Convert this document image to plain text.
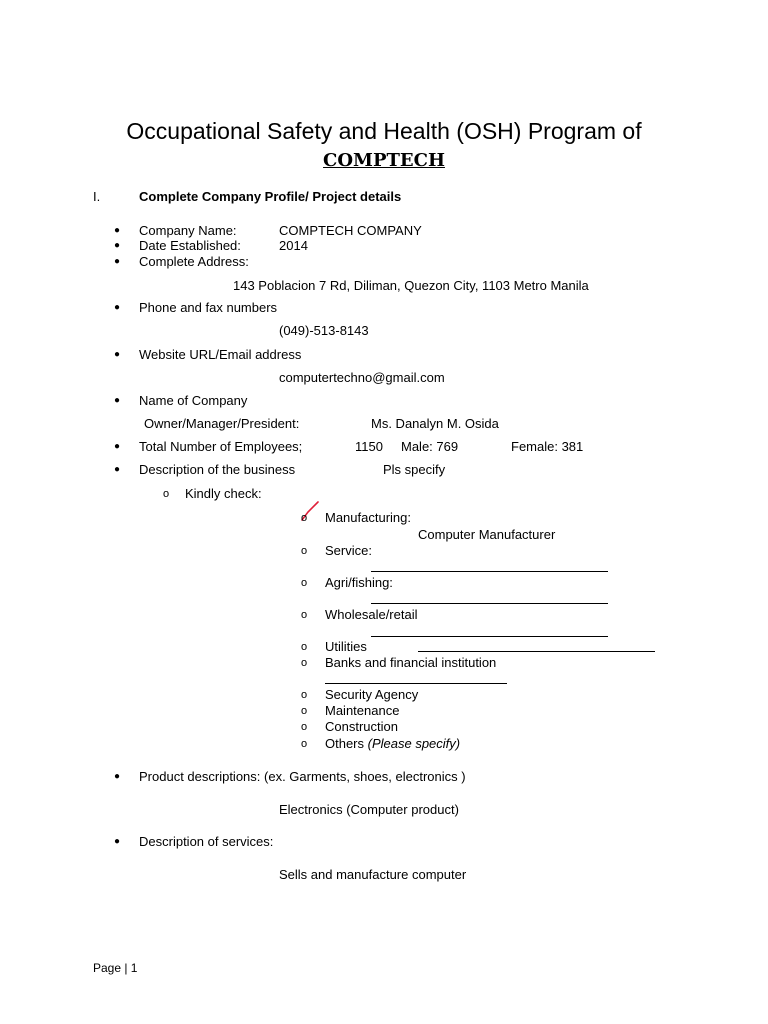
Occupational Safety and Health (OSH) Program of
COMPTECH
I.	Complete Company Profile/ Project details
● Company Name:	COMPTECH COMPANY
● Date Established:	2014
● Complete Address:
143 Poblacion 7 Rd, Diliman, Quezon City, 1103 Metro Manila
● Phone and fax numbers
(049)-513-8143
● Website URL/Email address
computertechno@gmail.com
● Name of Company
Owner/Manager/President:	Ms. Danalyn M. Osida
● Total Number of Employees;	1150 Male: 769	Female: 381
● Description of the business	Pls specify
o Kindly check:
o Manufacturing:
Computer Manufacturer
o Service:
o Agri/fishing:
o Wholesale/retail
o Utilities
o Banks and financial institution
o Security Agency
o Maintenance
o Construction
o Others (Please specify)
● Product descriptions: (ex. Garments, shoes, electronics )
Electronics (Computer product)
● Description of services:
Sells and manufacture computer
Page | 1
